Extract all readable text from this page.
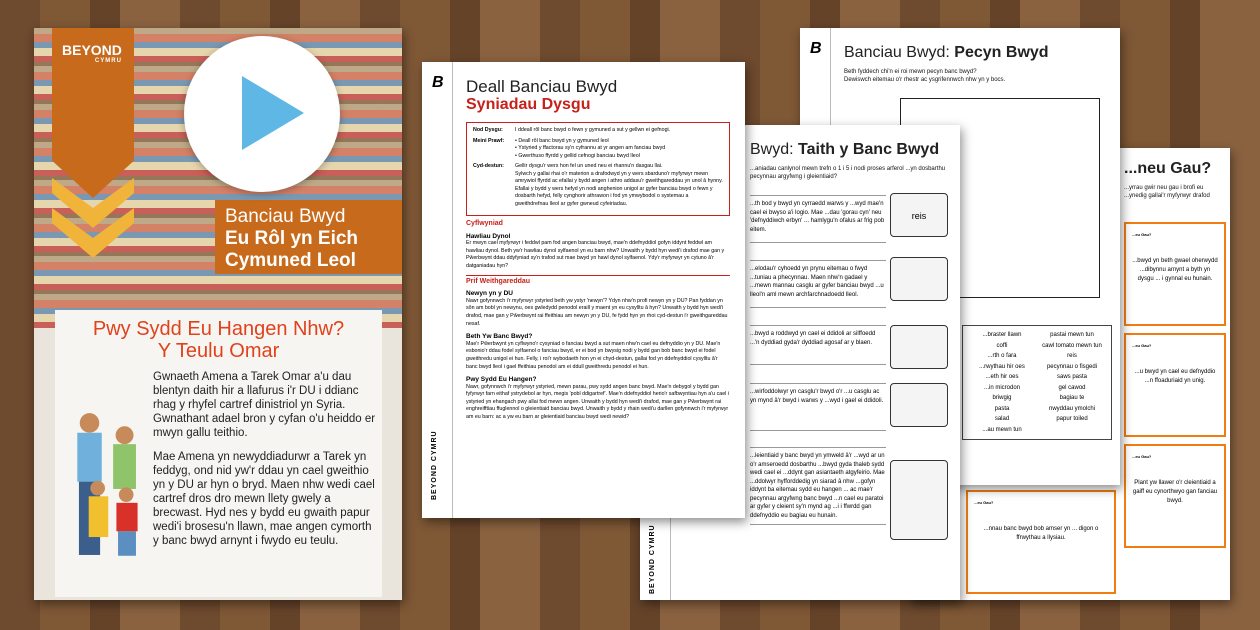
BEYOND
CYMRU
Banciau Bwyd
Eu Rôl yn Eich
Cymuned Leol
Pwy Sydd Eu Hangen Nhw?
Y Teulu Omar

Gwnaeth Amena a Tarek Omar a'u dau blentyn daith hir a llafurus i'r DU i ddianc rhag y rhyfel cartref dinistriol yn Syria. Gwnathant adael bron y cyfan o'u heiddo er mwyn gallu teithio.

Mae Amena yn newyddiadurwr a Tarek yn feddyg, ond nid yw'r ddau yn cael gweithio yn y DU ar hyn o bryd. Maen nhw wedi cael cartref dros dro mewn llety gwely a brecwast. Hyd nes y bydd eu gwaith papur wedi'i brosesu'n llawn, mae angen cymorth y banc bwyd arnynt i fwydo eu teulu.

...neu Gau?
...yrrau gwir neu gau i brofi eu ...ynedig gallai'r myfyrwyr drafod
...eu Gau?

...bwyd yn beth gwael oherwydd ...dibynnu arnynt a byth yn dysgu ... i gynnal eu hunain.

...eu Gau?

...u bwyd yn cael eu defnyddio ...n ffoaduriaid yn unig.

...eu Gau?

Plant yw llawer o'r cleientiaid a gaiff eu cynorthwyo gan fanciau bwyd.

...eu Gau?

...nnau banc bwyd bob amser yn ... digon o ffrwythau a llysiau.

B Banciau Bwyd: Pecyn Bwyd
Beth fyddech chi'n ei roi mewn pecyn banc bwyd?
Dewiswch eitemau o'r rhestr ac ysgrifennwch nhw yn y bocs.
...braster llawn
coffi
...rth o fara
...rwythau hir oes
...eth hir oes
...in microdon
briwgig
pasta
salad
...au mewn tun
pastai mewn tun
cawl tomato mewn tun
reis
pecynnau o fisgedi
saws pasta
gel cawod
bagiau te
nwyddau ymolchi
papur toiled
BEYOND CYMRU
Bwyd: Taith y Banc Bwyd
...aniadau canlynol mewn trefn o 1 i 5 i nodi proses arferol ...yn dosbarthu pecynnau argyfwng i gleientiaid?
...th bod y bwyd yn cyrraedd warws y ...wyd mae'n cael ei bwyso a'i logio. Mae ...dau 'gorau cyn' neu 'defnyddiwch erbyn' ... hamlygu'n ofalus ar frig pob eitem.
reis
...elodau'r cyhoedd yn prynu eitemau o fwyd ...tuniau a phecynnau. Maen nhw'n gadael y ...mewn mannau casglu ar gyfer banciau bwyd ...u lleol'n aml mewn archfarchnadoedd lleol.
...bwyd a roddwyd yn cael ei ddidoli ar silffoedd ...'n dyddiad gyda'r dyddiad agosaf ar y blaen.
...wirfoddolwyr yn casglu'r bwyd o'r ...u casglu ac yn mynd â'r bwyd i warws y ...wyd i gael ei ddidoli.
...leientiaid y banc bwyd yn ymweld â'r ...wyd ar un o'r amseroedd dosbarthu ...bwyd gyda thaleb sydd wedi cael ei ...ddynt gan asiantaeth atgyfeirio. Mae ...ddolwyr hyfforddedig yn siarad â nhw ...gofyn iddynt ba eitemau sydd eu hangen ... ac mae'r pecynnau argyfwng banc bwyd ...n cael eu paratoi ar gyfer y cleient sy'n mynd ag ...i i ffwrdd gan ddefnyddio eu bagiau eu hunain.
B
BEYOND CYMRU
Deall Banciau Bwyd
Syniadau Dysgu
Nod Dysgu:	I ddeall rôl banc bwyd o fewn y gymuned a sut y gellwn ei gefnogi.
Meini Prawf:	• Deall rôl banc bwyd yn y gymuned leol
• Ystyried y ffactorau sy'n cyfrannu at yr angen am fanciau bwyd
• Gwerthuso ffyrdd y gellid cefnogi banciau bwyd lleol
Cyd-destun:	Gellir dysgu'r wers hon fel un uned neu ei rhannu'n dasgau llai.
Sylwch y gallai rhai o'r materion a drafodwyd yn y wers sbarduno'r myfyrwyr mewn amrywiol ffyrdd ac efallai y bydd angen i athro addasu'r gweithgareddau yn unol â hynny.
Efallai y bydd y wers hefyd yn nodi anghenion unigol ar gyfer banciau bwyd o fewn y dosbarth hefyd, felly cynghorir athrawon i fod yn ymwybodol o systemau a gweithdrefnau lleol ar gyfer gwneud cyfeiriadau.
Cyflwyniad
Hawliau Dynol
Er mwyn cael myfyrwyr i feddwl pam fod angen banciau bwyd, mae'n ddefnyddiol gofyn iddynt feddwl am hawliau dynol. Beth yw'r hawliau dynol sylfaenol yn eu barn nhw? Unwaith y bydd hyn wedi'i drafod mae gan y Pŵerbwynt ddau ddyfyniad sy'n trafod sut mae bwyd yn hawl dynol sylfaenol. Ydy'r myfyrwyr yn cytuno â'r datganiadau hyn?
Prif Weithgareddau
Newyn yn y DU
Nawr gofynnwch i'r myfyrwyr ystyried beth yw ystyr 'newyn'? Ydyn nhw'n profi newyn yn y DU? Pan fyddan yn sôn am bobl yn newynu, oes gwledydd penodol eraill y maent yn eu cysylltu â hyn? Unwaith y bydd hyn wedi'i drafod, mae gan y Pŵerbwynt rai ffeithiau am newyn yn y DU, fe fydd hyn yn rhoi cyd-destun i'r gweithgareddau nesaf.
Beth Yw Banc Bwyd?
Mae'r Pŵerbwynt yn cyflwyno'r cysyniad o fanciau bwyd a sut maen nhw'n cael eu defnyddio yn y DU. Mae'n esbonio'r ddau fodel sylfaenol o fanciau bwyd, er ei bod yn bwysig nodi y bydd gan bob banc bwyd ei fodel gweithredu unigol ei hun. Felly, i roi'r wybodaeth hon yn ei chyd-destun, gallai fod yn ddefnyddiol cysylltu â'r banc bwyd lleol i gael ffeithiau penodol am ei ddull gweithredu penodol ei hun.
Pwy Sydd Eu Hangen?
Nawr, gofynnwch i'r myfyrwyr ystyried, mewn parau, pwy sydd angen banc bwyd. Mae'n debygol y bydd gan fyfyrwyr farn eithaf ystrydebol ar hyn, megis 'pobl ddigartref'. Mae'n ddefnyddiol herio'r safbwyntiau hyn a'u cael i ystyried yn ehangach pwy allai fod mewn angen. Unwaith y bydd hyn wedi'i drafod, mae gan y Pŵerbwynt rai enghreifftiau ffuglennol o gleientiaid banciau bwyd. Unwaith y bydd y rhain wedi'u darllen gofynnwch i'r myfyrwyr am eu barn: ac a yw eu barn ar gleientiaid banciau bwyd wedi newid?
